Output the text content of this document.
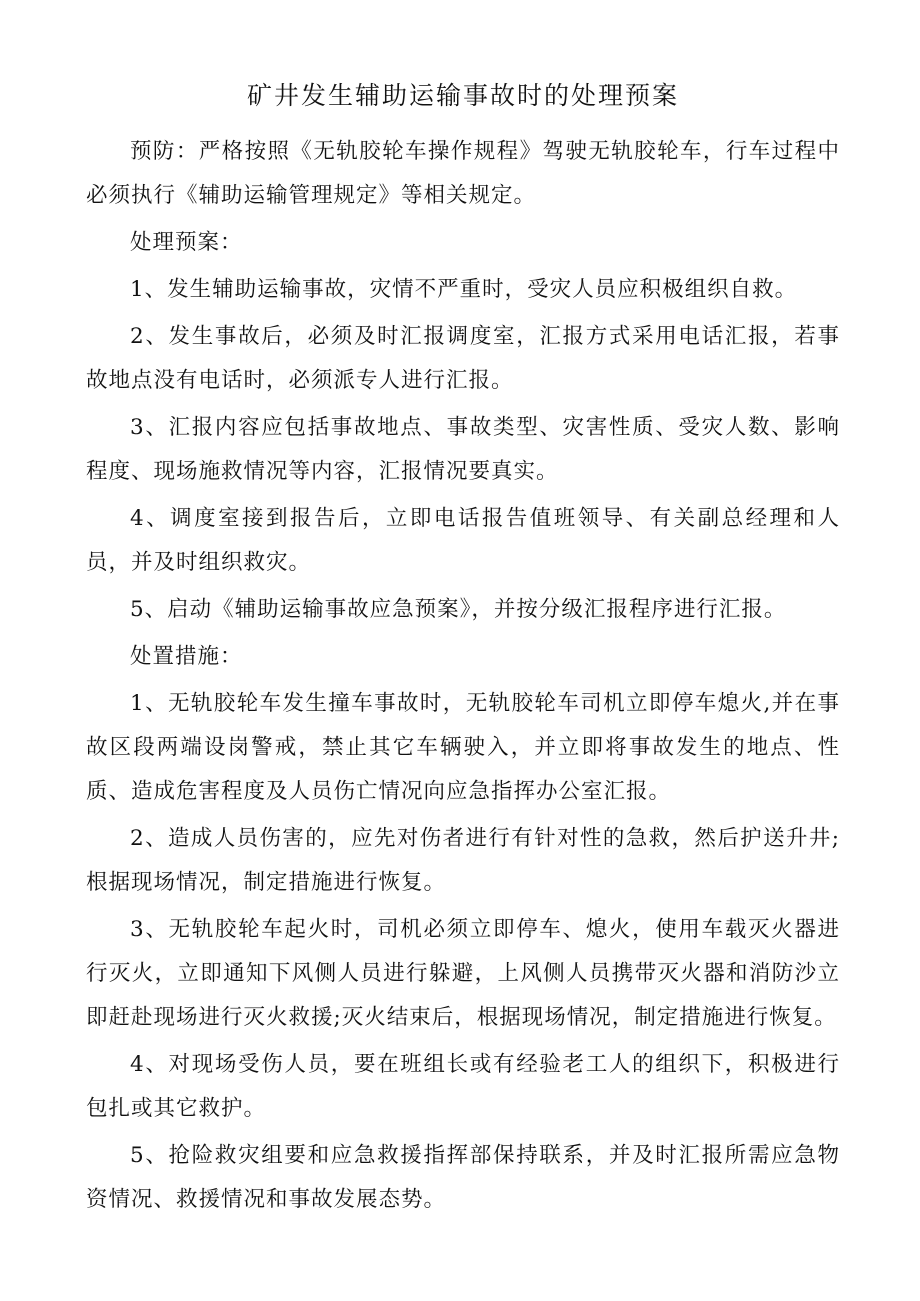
矿井发生辅助运输事故时的处理预案

预防：严格按照《无轨胶轮车操作规程》驾驶无轨胶轮车，行车过程中必须执行《辅助运输管理规定》等相关规定。

处理预案：

1、发生辅助运输事故，灾情不严重时，受灾人员应积极组织自救。

2、发生事故后，必须及时汇报调度室，汇报方式采用电话汇报，若事故地点没有电话时，必须派专人进行汇报。

3、汇报内容应包括事故地点、事故类型、灾害性质、受灾人数、影响程度、现场施救情况等内容，汇报情况要真实。

4、调度室接到报告后，立即电话报告值班领导、有关副总经理和人员，并及时组织救灾。

5、启动《辅助运输事故应急预案》，并按分级汇报程序进行汇报。

处置措施：

1、无轨胶轮车发生撞车事故时，无轨胶轮车司机立即停车熄火,并在事故区段两端设岗警戒，禁止其它车辆驶入，并立即将事故发生的地点、性质、造成危害程度及人员伤亡情况向应急指挥办公室汇报。

2、造成人员伤害的，应先对伤者进行有针对性的急救，然后护送升井;根据现场情况，制定措施进行恢复。

3、无轨胶轮车起火时，司机必须立即停车、熄火，使用车载灭火器进行灭火，立即通知下风侧人员进行躲避，上风侧人员携带灭火器和消防沙立即赶赴现场进行灭火救援;灭火结束后，根据现场情况，制定措施进行恢复。

4、对现场受伤人员，要在班组长或有经验老工人的组织下，积极进行包扎或其它救护。

5、抢险救灾组要和应急救援指挥部保持联系，并及时汇报所需应急物资情况、救援情况和事故发展态势。
